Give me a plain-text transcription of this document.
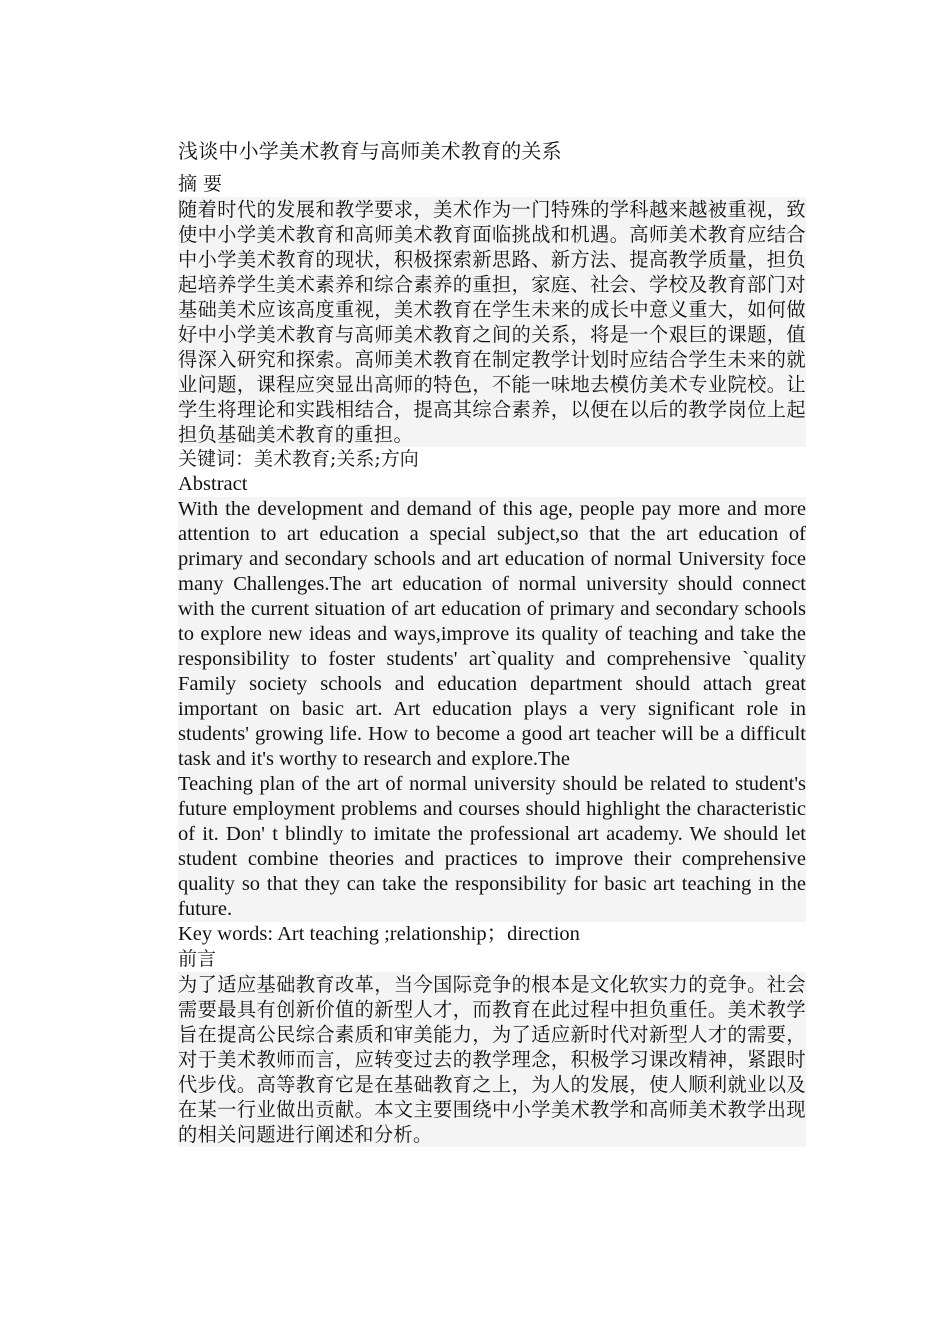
浅谈中小学美术教育与高师美术教育的关系

摘 要

随着时代的发展和教学要求，美术作为一门特殊的学科越来越被重视，致使中小学美术教育和高师美术教育面临挑战和机遇。高师美术教育应结合中小学美术教育的现状，积极探索新思路、新方法、提高教学质量，担负起培养学生美术素养和综合素养的重担，家庭、社会、学校及教育部门对基础美术应该高度重视，美术教育在学生未来的成长中意义重大，如何做好中小学美术教育与高师美术教育之间的关系，将是一个艰巨的课题，值得深入研究和探索。高师美术教育在制定教学计划时应结合学生未来的就业问题，课程应突显出高师的特色，不能一味地去模仿美术专业院校。让学生将理论和实践相结合，提高其综合素养，以便在以后的教学岗位上起担负基础美术教育的重担。

关键词：美术教育;关系;方向

Abstract

With the development and demand of this age, people pay more and more attention to art education a special subject,so that the art education of primary and secondary schools and art education of normal University foce many Challenges.The art education of normal university should connect with the current situation of art education of primary and secondary schools to explore new ideas and ways,improve its quality of teaching and take the responsibility to foster students' art`quality and comprehensive `quality Family society schools and education department should attach great important on basic art. Art education plays a very significant role in students' growing life. How to become a good art teacher will be a difficult task and it's worthy to research and explore.The

Teaching plan of the art of normal university should be related to student's future employment problems and courses should highlight the characteristic of it. Don' t blindly to imitate the professional art academy. We should let student combine theories and practices to improve their comprehensive quality so that they can take the responsibility for basic art teaching in the future.

Key words: Art teaching ;relationship；direction

前言

为了适应基础教育改革，当今国际竞争的根本是文化软实力的竞争。社会需要最具有创新价值的新型人才，而教育在此过程中担负重任。美术教学旨在提高公民综合素质和审美能力，为了适应新时代对新型人才的需要，对于美术教师而言，应转变过去的教学理念，积极学习课改精神，紧跟时代步伐。高等教育它是在基础教育之上，为人的发展，使人顺利就业以及在某一行业做出贡献。本文主要围绕中小学美术教学和高师美术教学出现的相关问题进行阐述和分析。
